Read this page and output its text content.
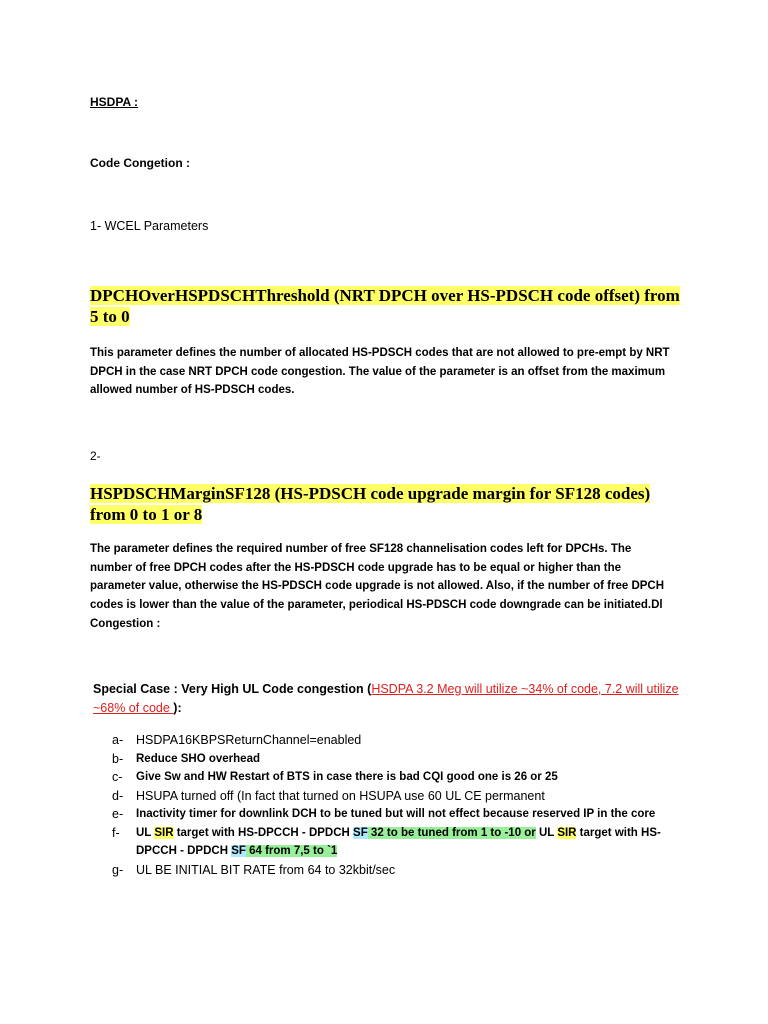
HSDPA :

Code Congetion :

1- WCEL Parameters

DPCHOverHSPDSCHThreshold (NRT DPCH over HS-PDSCH code offset) from 5 to 0

This parameter defines the number of allocated HS-PDSCH codes that are not allowed to pre-empt by NRT DPCH in the case NRT DPCH code congestion. The value of the parameter is an offset from the maximum allowed number of HS-PDSCH codes.

2-

HSPDSCHMarginSF128 (HS-PDSCH code upgrade margin for SF128 codes) from 0 to 1 or 8

The parameter defines the required number of free SF128 channelisation codes left for DPCHs. The number of free DPCH codes after the HS-PDSCH code upgrade has to be equal or higher than the parameter value, otherwise the HS-PDSCH code upgrade is not allowed. Also, if the number of free DPCH codes is lower than the value of the parameter, periodical HS-PDSCH code downgrade can be initiated.Dl Congestion :

Special Case : Very High UL Code congestion (HSDPA 3.2 Meg will utilize ~34% of code, 7.2 will utilize ~68% of code ):

a- HSDPA16KBPSReturnChannel=enabled
b- Reduce SHO overhead
c- Give Sw and HW Restart of BTS in case there is bad CQI good one is 26 or 25
d- HSUPA turned off (In fact that turned on HSUPA use 60 UL CE permanent
e- Inactivity timer for downlink DCH to be tuned but will not effect because reserved IP in the core
f- UL SIR target with HS-DPCCH - DPDCH SF 32 to be tuned from 1 to -10 or UL SIR target with HS-DPCCH - DPDCH SF 64 from 7,5 to `1
g- UL BE INITIAL BIT RATE from 64 to 32kbit/sec
